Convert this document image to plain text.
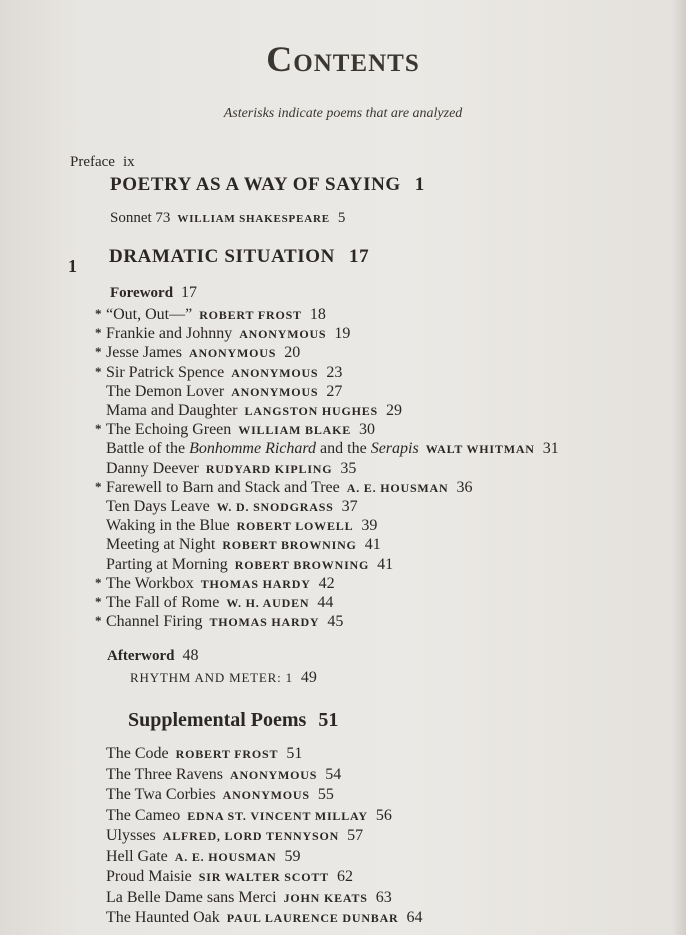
Contents
Asterisks indicate poems that are analyzed
Preface ix
POETRY AS A WAY OF SAYING 1
Sonnet 73 WILLIAM SHAKESPEARE 5
1 DRAMATIC SITUATION 17
Foreword 17
* “Out, Out—” ROBERT FROST 18
* Frankie and Johnny ANONYMOUS 19
* Jesse James ANONYMOUS 20
* Sir Patrick Spence ANONYMOUS 23
The Demon Lover ANONYMOUS 27
Mama and Daughter LANGSTON HUGHES 29
* The Echoing Green WILLIAM BLAKE 30
Battle of the Bonhomme Richard and the Serapis WALT WHITMAN 31
Danny Deever RUDYARD KIPLING 35
* Farewell to Barn and Stack and Tree A. E. HOUSMAN 36
Ten Days Leave W. D. SNODGRASS 37
Waking in the Blue ROBERT LOWELL 39
Meeting at Night ROBERT BROWNING 41
Parting at Morning ROBERT BROWNING 41
* The Workbox THOMAS HARDY 42
* The Fall of Rome W. H. AUDEN 44
* Channel Firing THOMAS HARDY 45
Afterword 48
RHYTHM AND METER: 1 49
Supplemental Poems 51
The Code ROBERT FROST 51
The Three Ravens ANONYMOUS 54
The Twa Corbies ANONYMOUS 55
The Cameo EDNA ST. VINCENT MILLAY 56
Ulysses ALFRED, LORD TENNYSON 57
Hell Gate A. E. HOUSMAN 59
Proud Maisie SIR WALTER SCOTT 62
La Belle Dame sans Merci JOHN KEATS 63
The Haunted Oak PAUL LAURENCE DUNBAR 64
